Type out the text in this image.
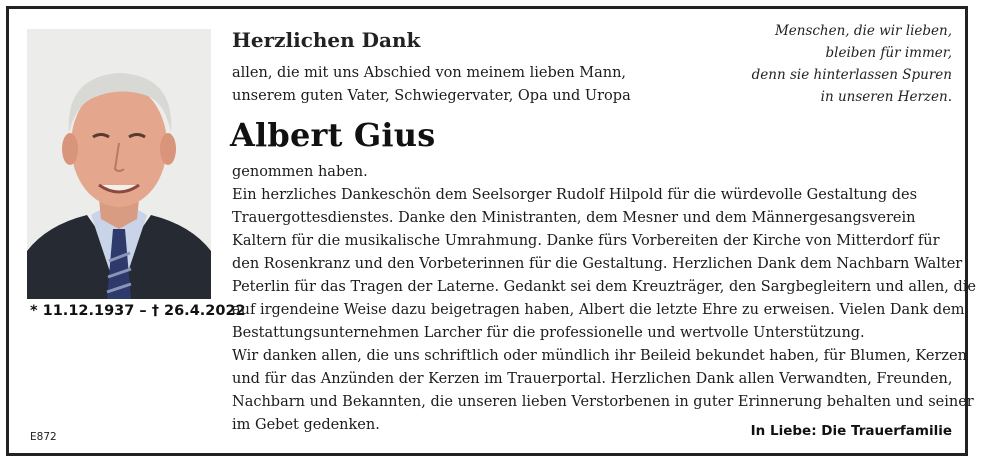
* 11.12.1937 – † 26.4.2022
E872
Herzlichen Dank
allen, die mit uns Abschied von meinem lieben Mann,
unserem guten Vater, Schwiegervater, Opa und Uropa
Albert Gius
genommen haben.
Ein herzliches Dankeschön dem Seelsorger Rudolf Hilpold für die würdevolle Gestaltung des
Trauergottesdienstes. Danke den Ministranten, dem Mesner und dem Männergesangsverein
Kaltern für die musikalische Umrahmung. Danke fürs Vorbereiten der Kirche von Mitterdorf für
den Rosenkranz und den Vorbeterinnen für die Gestaltung. Herzlichen Dank dem Nachbarn Walter
Peterlin für das Tragen der Laterne. Gedankt sei dem Kreuzträger, den Sargbegleitern und allen, die
auf irgendeine Weise dazu beigetragen haben, Albert die letzte Ehre zu erweisen. Vielen Dank dem
Bestattungsunternehmen Larcher für die professionelle und wertvolle Unterstützung.
Wir danken allen, die uns schriftlich oder mündlich ihr Beileid bekundet haben, für Blumen, Kerzen
und für das Anzünden der Kerzen im Trauerportal. Herzlichen Dank allen Verwandten, Freunden,
Nachbarn und Bekannten, die unseren lieben Verstorbenen in guter Erinnerung behalten und seiner
im Gebet gedenken.
Menschen, die wir lieben,
bleiben für immer,
denn sie hinterlassen Spuren
in unseren Herzen.
In Liebe: Die Trauerfamilie
